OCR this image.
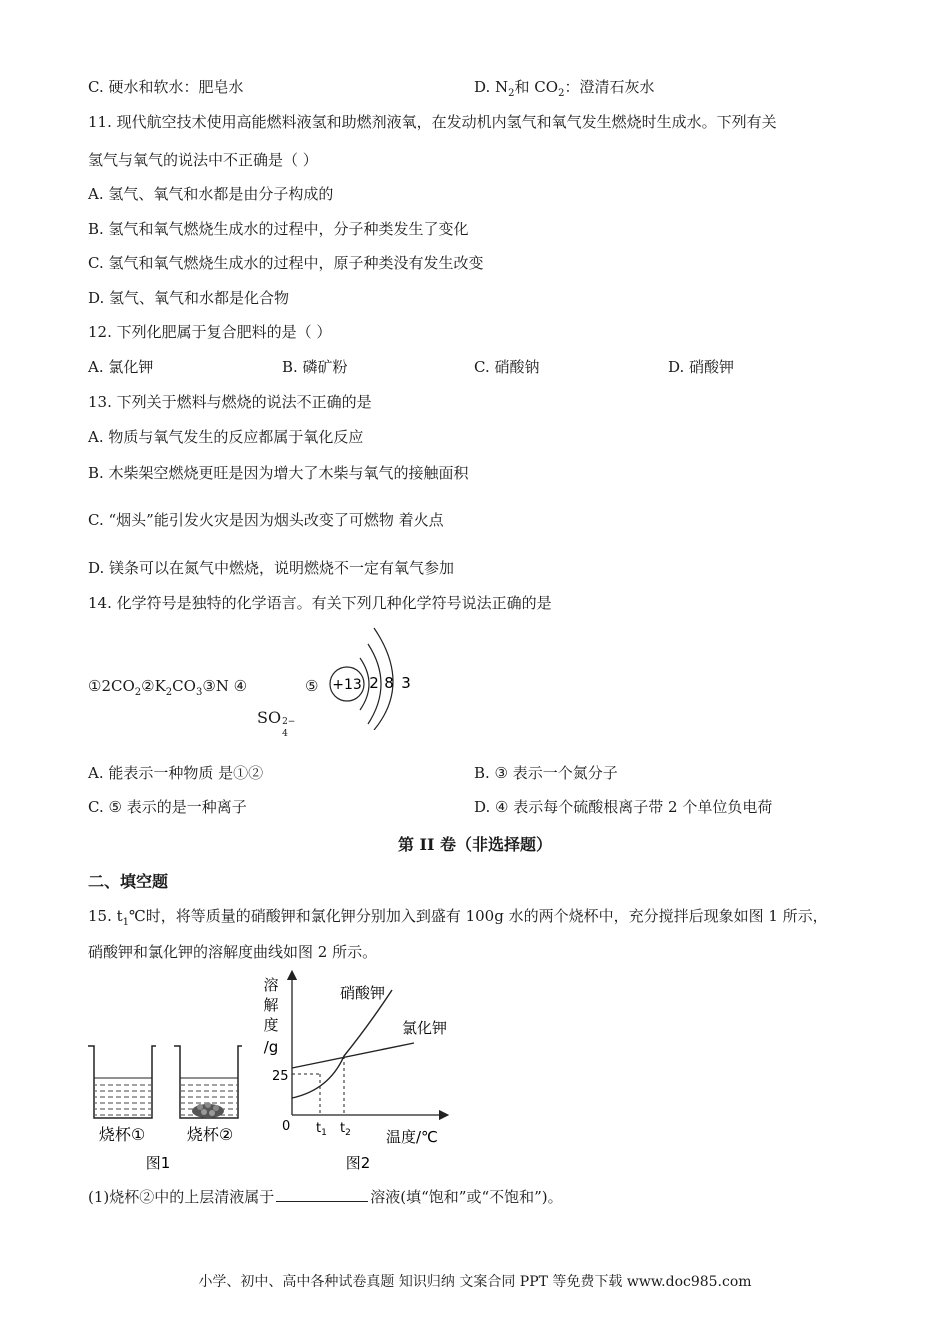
C. 硬水和软水：肥皂水	D. $N_2$和 $CO_2$：澄清石灰水
11. 现代航空技术使用高能燃料液氢和助燃剂液氧，在发动机内氢气和氧气发生燃烧时生成水。下列有关
氢气与氧气的说法中不正确是（ ）
A. 氢气、氧气和水都是由分子构成的
B. 氢气和氧气燃烧生成水的过程中，分子种类发生了变化
C. 氢气和氧气燃烧生成水的过程中，原子种类没有发生改变
D. 氢气、氧气和水都是化合物
12. 下列化肥属于复合肥料的是（ ）
A. 氯化钾	B. 磷矿粉	C. 硝酸钠	D. 硝酸钾
13. 下列关于燃料与燃烧的说法不正确的是
A. 物质与氧气发生的反应都属于氧化反应
B. 木柴架空燃烧更旺是因为增大了木柴与氧气的接触面积
C. “烟头”能引发火灾是因为烟头改变了可燃物 着火点
D. 镁条可以在氮气中燃烧，说明燃烧不一定有氧气参加
14. 化学符号是独特的化学语言。有关下列几种化学符号说法正确的是
$①2CO_2②K_2CO_3③N$ ④	⑤
SO 2−
4
+13 2 8 3
A. 能表示一种物质 是①②	B. ③ 表示一个氮分子
C. ⑤ 表示的是一种离子	D. ④ 表示每个硫酸根离子带 2 个单位负电荷
第 II 卷（非选择题）
二、填空题
15. $t_1℃$时，将等质量的硝酸钾和氯化钾分别加入到盛有 100g 水的两个烧杯中，充分搅拌后现象如图 1 所示，
硝酸钾和氯化钾的溶解度曲线如图 2 所示。
烧杯①	烧杯②
图1
溶
解
度
/g
硝酸钾
氯化钾
25
0 $t_1$ $t_2$ 温度/℃
图2
(1)烧杯②中的上层清液属于	溶液(填“饱和”或“不饱和”)。
小学、初中、高中各种试卷真题 知识归纳 文案合同 PPT 等免费下载 www.doc985.com
